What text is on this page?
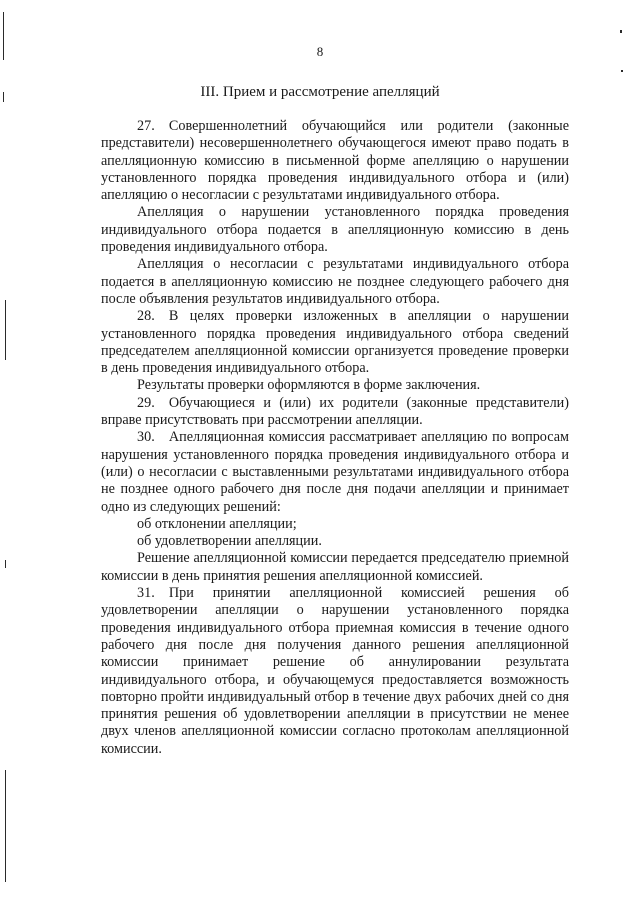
8
III. Прием и рассмотрение апелляций

27. Совершеннолетний обучающийся или родители (законные представители) несовершеннолетнего обучающегося имеют право подать в апелляционную комиссию в письменной форме апелляцию о нарушении установленного порядка проведения индивидуального отбора и (или) апелляцию о несогласии с результатами индивидуального отбора.

Апелляция о нарушении установленного порядка проведения индивидуального отбора подается в апелляционную комиссию в день проведения индивидуального отбора.

Апелляция о несогласии с результатами индивидуального отбора подается в апелляционную комиссию не позднее следующего рабочего дня после объявления результатов индивидуального отбора.

28. В целях проверки изложенных в апелляции о нарушении установленного порядка проведения индивидуального отбора сведений председателем апелляционной комиссии организуется проведение проверки в день проведения индивидуального отбора.

Результаты проверки оформляются в форме заключения.

29. Обучающиеся и (или) их родители (законные представители) вправе присутствовать при рассмотрении апелляции.

30. Апелляционная комиссия рассматривает апелляцию по вопросам нарушения установленного порядка проведения индивидуального отбора и (или) о несогласии с выставленными результатами индивидуального отбора не позднее одного рабочего дня после дня подачи апелляции и принимает одно из следующих решений:

об отклонении апелляции;

об удовлетворении апелляции.

Решение апелляционной комиссии передается председателю приемной комиссии в день принятия решения апелляционной комиссией.

31. При принятии апелляционной комиссией решения об удовлетворении апелляции о нарушении установленного порядка проведения индивидуального отбора приемная комиссия в течение одного рабочего дня после дня получения данного решения апелляционной комиссии принимает решение об аннулировании результата индивидуального отбора, и обучающемуся предоставляется возможность повторно пройти индивидуальный отбор в течение двух рабочих дней со дня принятия решения об удовлетворении апелляции в присутствии не менее двух членов апелляционной комиссии согласно протоколам апелляционной комиссии.
